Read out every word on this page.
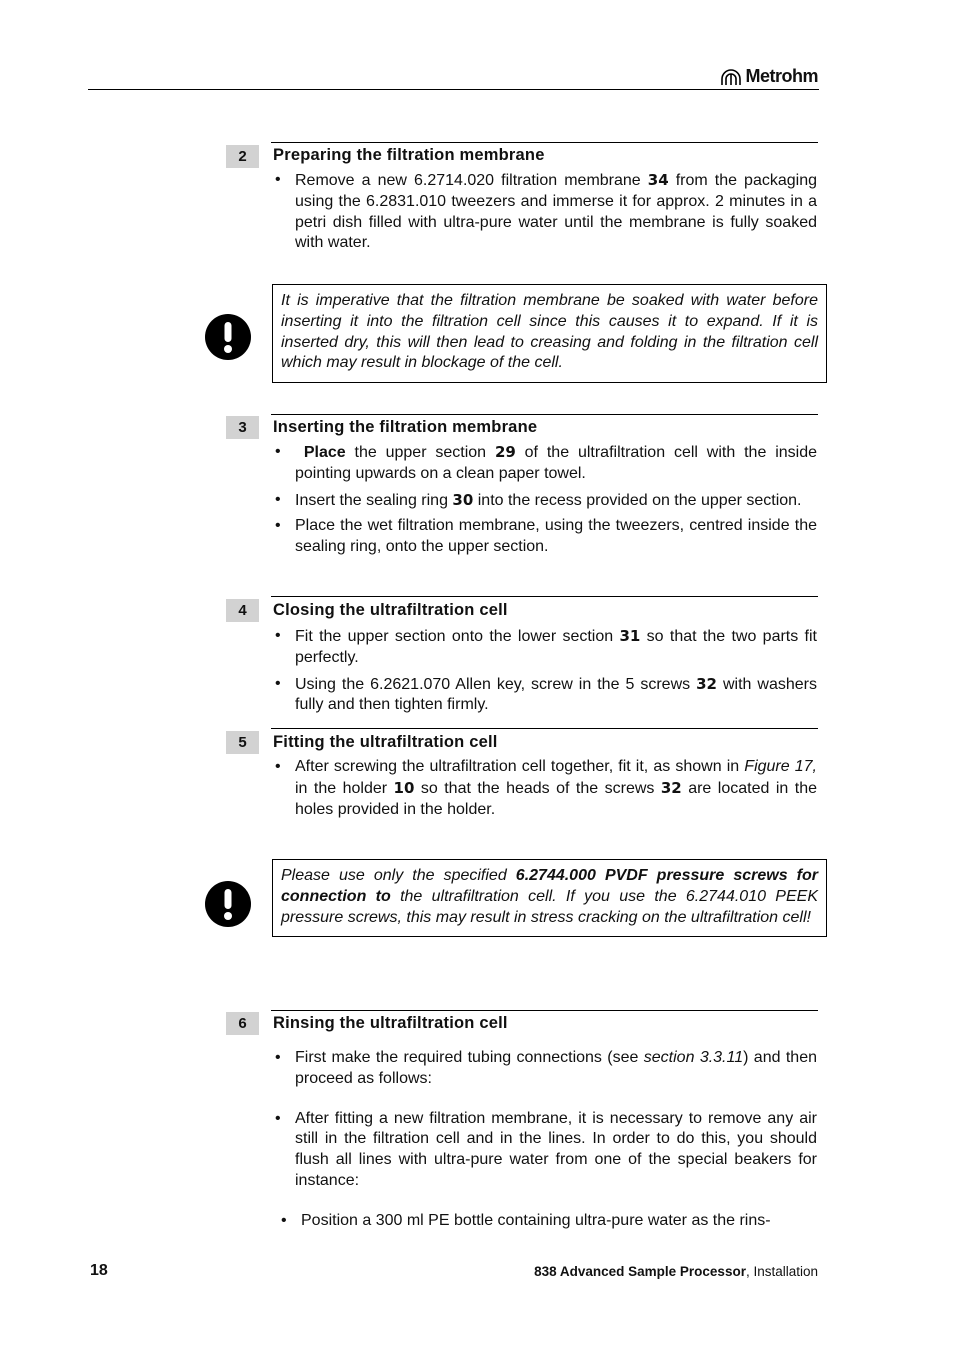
Metrohm
2	Preparing the filtration membrane
• Remove a new 6.2714.020 filtration membrane 34 from the packaging using the 6.2831.010 tweezers and immerse it for approx. 2 minutes in a petri dish filled with ultra-pure water until the membrane is fully soaked with water.
It is imperative that the filtration membrane be soaked with water before inserting it into the filtration cell since this causes it to expand. If it is inserted dry, this will then lead to creasing and folding in the filtration cell which may result in blockage of the cell.
3	Inserting the filtration membrane
• Place the upper section 29 of the ultrafiltration cell with the inside pointing upwards on a clean paper towel.
• Insert the sealing ring 30 into the recess provided on the upper section.
• Place the wet filtration membrane, using the tweezers, centred inside the sealing ring, onto the upper section.
4	Closing the ultrafiltration cell
• Fit the upper section onto the lower section 31 so that the two parts fit perfectly.
• Using the 6.2621.070 Allen key, screw in the 5 screws 32 with washers fully and then tighten firmly.
5	Fitting the ultrafiltration cell
• After screwing the ultrafiltration cell together, fit it, as shown in Figure 17, in the holder 10 so that the heads of the screws 32 are located in the holes provided in the holder.
Please use only the specified 6.2744.000 PVDF pressure screws for connection to the ultrafiltration cell. If you use the 6.2744.010 PEEK pressure screws, this may result in stress cracking on the ultrafiltration cell!
6	Rinsing the ultrafiltration cell
• First make the required tubing connections (see section 3.3.11) and then proceed as follows:
• After fitting a new filtration membrane, it is necessary to remove any air still in the filtration cell and in the lines. In order to do this, you should flush all lines with ultra-pure water from one of the special beakers for instance:
• Position a 300 ml PE bottle containing ultra-pure water as the rins-
18	838 Advanced Sample Processor, Installation
